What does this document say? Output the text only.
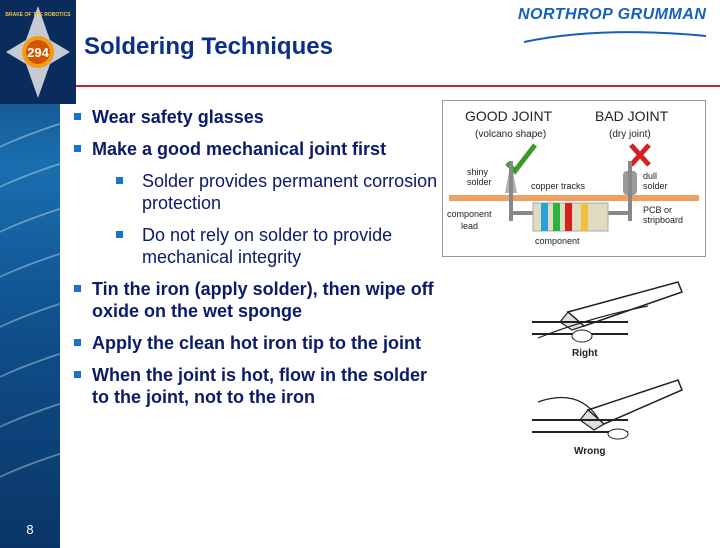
BRAKE OF THE ROBOTICS
294	Soldering Techniques
NORTHROP GRUMMAN
Wear safety glasses
Make a good mechanical joint first
Solder provides permanent corrosion protection
Do not rely on solder to provide mechanical integrity
Tin the iron (apply solder), then wipe off oxide on the wet sponge
Apply the clean hot iron tip to the joint
When the joint is hot, flow in the solder to the joint, not to the iron
8
GOOD JOINT
(volcano shape)
BAD JOINT
(dry joint)
shiny
solder
dull
solder
copper tracks
component
lead
PCB or
stripboard
component
Right
Wrong
